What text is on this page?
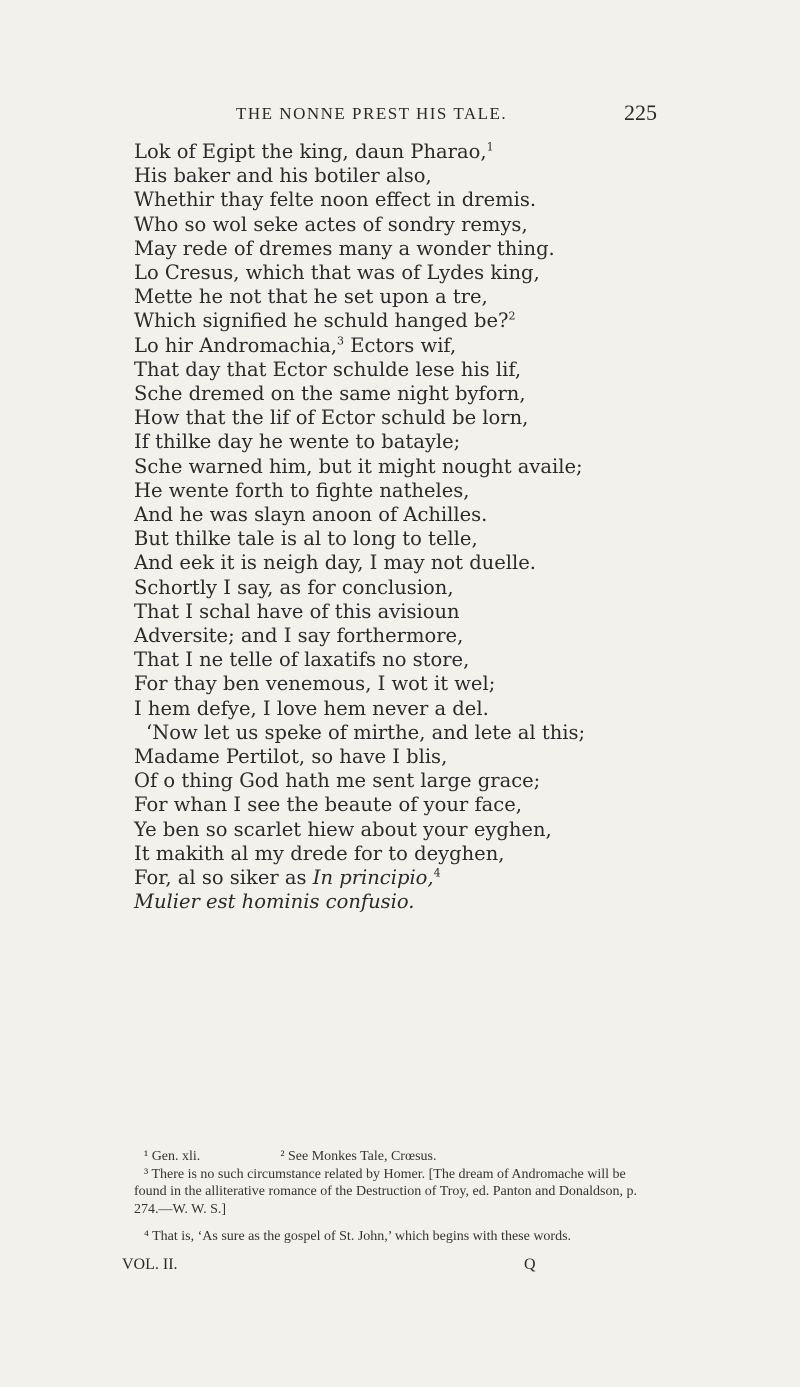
THE NONNE PREST HIS TALE.	225
Lok of Egipt the king, daun Pharao,$^1$
His baker and his botiler also,
Whethir thay felte noon effect in dremis.
Who so wol seke actes of sondry remys,
May rede of dremes many a wonder thing.
Lo Cresus, which that was of Lydes king,
Mette he not that he set upon a tre,
Which signified he schuld hanged be?$^2$
Lo hir Andromachia,$^3$ Ectors wif,
That day that Ector schulde lese his lif,
Sche dremed on the same night byforn,
How that the lif of Ector schuld be lorn,
If thilke day he wente to batayle;
Sche warned him, but it might nought availe;
He wente forth to fighte natheles,
And he was slayn anoon of Achilles.
But thilke tale is al to long to telle,
And eek it is neigh day, I may not duelle.
Schortly I say, as for conclusion,
That I schal have of this avisioun
Adversite; and I say forthermore,
That I ne telle of laxatifs no store,
For thay ben venemous, I wot it wel;
I hem defye, I love hem never a del.
‘Now let us speke of mirthe, and lete al this;
Madame Pertilot, so have I blis,
Of o thing God hath me sent large grace;
For whan I see the beaute of your face,
Ye ben so scarlet hiew about your eyghen,
It makith al my drede for to deyghen,
For, al so siker as In principio,$^4$
Mulier est hominis confusio.
¹ Gen. xli.	² See Monkes Tale, Crœsus.
³ There is no such circumstance related by Homer. [The dream of Andromache will be found in the alliterative romance of the Destruction of Troy, ed. Panton and Donaldson, p. 274.—W. W. S.]
⁴ That is, ‘As sure as the gospel of St. John,’ which begins with these words.
VOL. II.	Q
